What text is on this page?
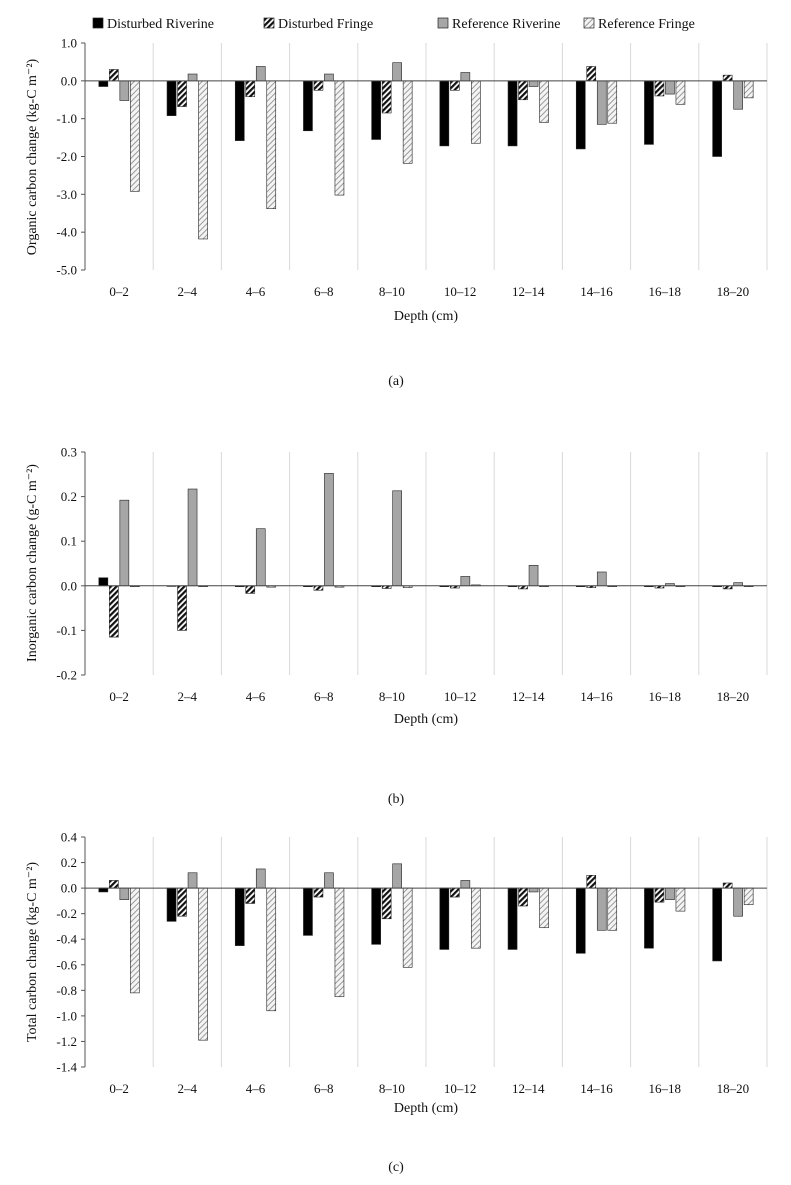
Disturbed Riverine	Disturbed Fringe	Reference Riverine	Reference Fringe
1.0
0.0
-1.0
-2.0
-3.0
-4.0
-5.0
0–2	2–4	4–6	6–8	8–10	10–12	12–14	14–16	16–18	18–20
Depth (cm)
Organic carbon change (kg-C m⁻²)
(a)
0.3
0.2
0.1
0.0
-0.1
-0.2
0–2	2–4	4–6	6–8	8–10	10–12	12–14	14–16	16–18	18–20
Depth (cm)
Inorganic carbon change (g-C m⁻²)
(b)
0.4
0.2
0.0
-0.2
-0.4
-0.6
-0.8
-1.0
-1.2
-1.4
0–2	2–4	4–6	6–8	8–10	10–12	12–14	14–16	16–18	18–20
Depth (cm)
Total carbon change (kg-C m⁻²)
(c)
